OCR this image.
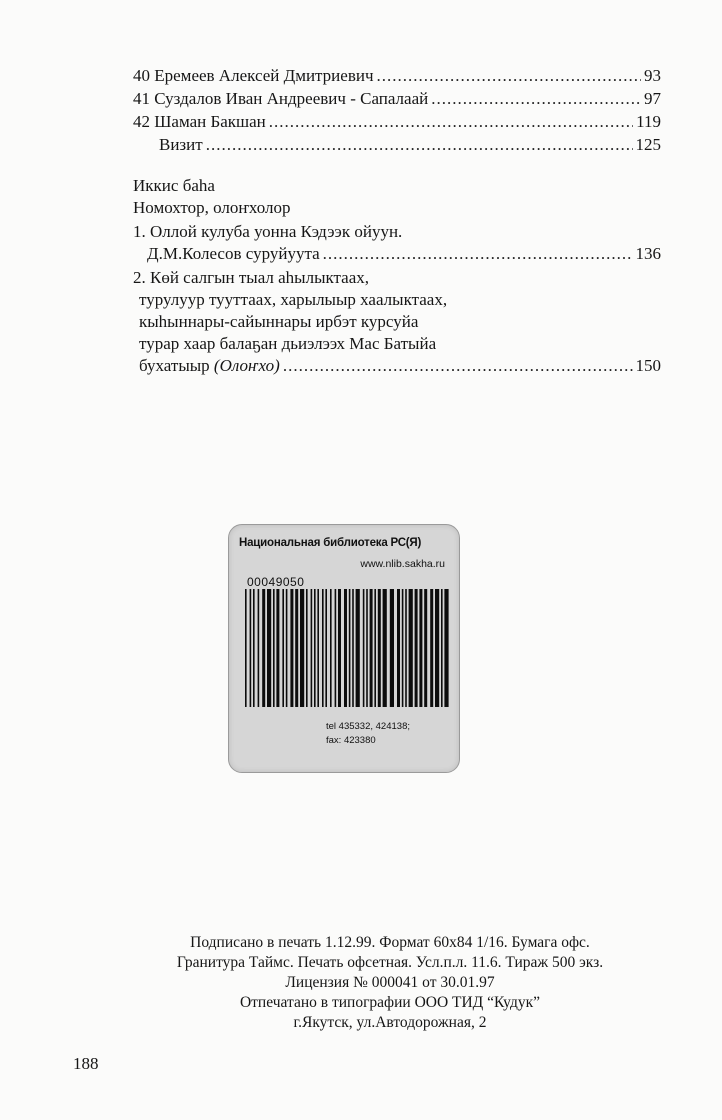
40 Еремеев Алексей Дмитриевич .....	93
41 Суздалов Иван Андреевич - Сапалаай .....	97
42 Шаман Бакшан .....	119
Визит .....	125
Иккис баһа
Номохтор, олоҥхолор
1. Оллой кулуба уонна Кэдээк ойуун.
Д.М.Колесов суруйуута .....	136
2. Көй салгын тыал аһылыктаах,
турулуур тууттаах, харылыыр хаалыктаах,
кыһыннары-сайыннары ирбэт курсуйа
турар хаар балаҕан дьиэлээх Мас Батыйа
бухатыыр (Олоҥхо) .....	150
Национальная библиотека РС(Я)
www.nlib.sakha.ru
00049050
tel 435332, 424138;
fax: 423380
Подписано в печать 1.12.99. Формат 60х84 1/16. Бумага офс.
Гранитура Таймс. Печать офсетная. Усл.п.л. 11.6. Тираж 500 экз.
Лицензия № 000041 от 30.01.97
Отпечатано в типографии ООО ТИД “Кудук”
г.Якутск, ул.Автодорожная, 2
188
